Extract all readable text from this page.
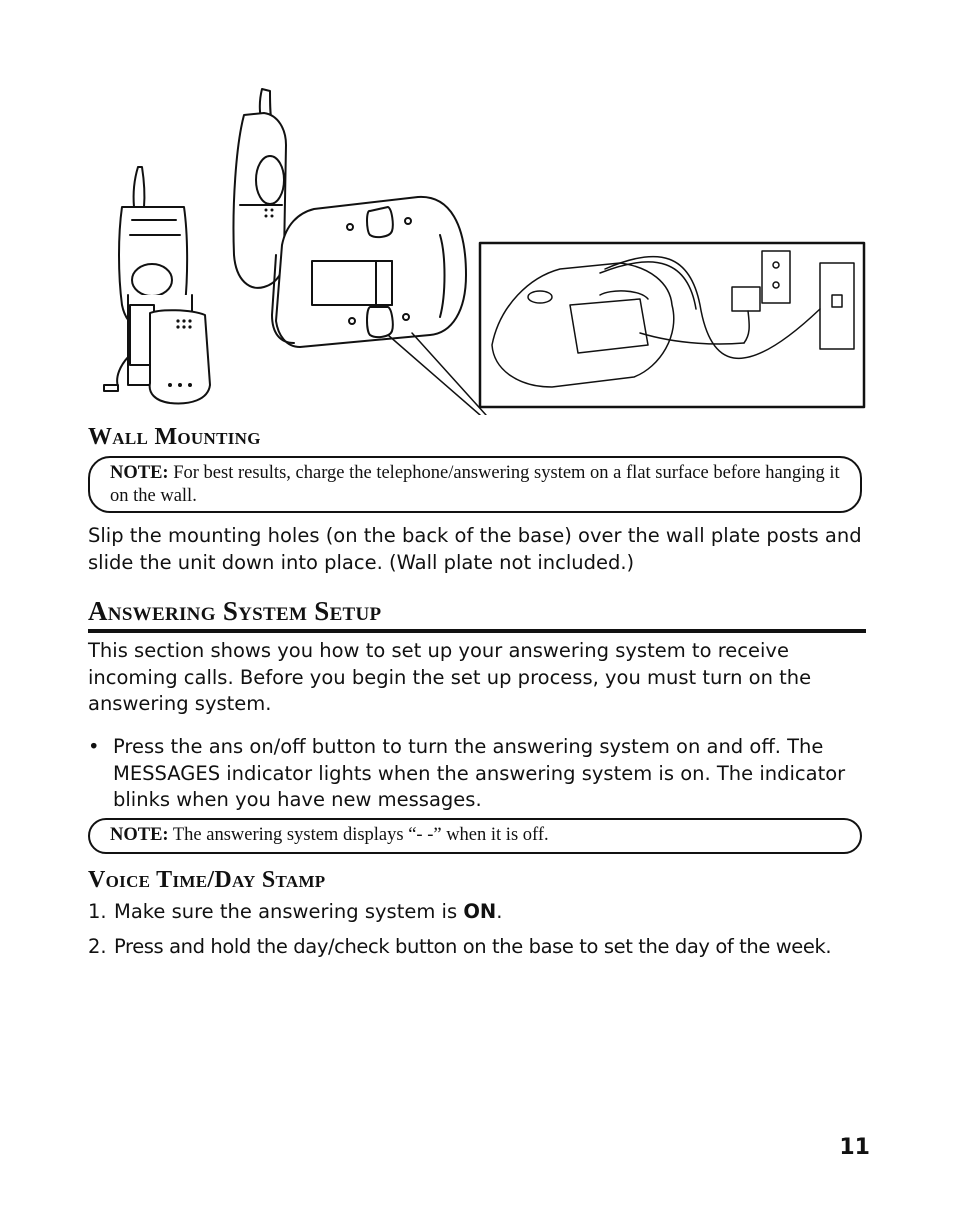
Wall Mounting
NOTE: For best results, charge the telephone/answering system on a flat surface before hanging it on the wall.
Slip the mounting holes (on the back of the base) over the wall plate posts and slide the unit down into place. (Wall plate not included.)
Answering System Setup
This section shows you how to set up your answering system to receive incoming calls. Before you begin the set up process, you must turn on the answering system.
• Press the ans on/off button to turn the answering system on and off. The MESSAGES indicator lights when the answering system is on. The indicator blinks when you have new messages.
NOTE: The answering system displays “- -” when it is off.
Voice Time/Day Stamp
1. Make sure the answering system is ON.
2. Press and hold the day/check button on the base to set the day of the week.
11
